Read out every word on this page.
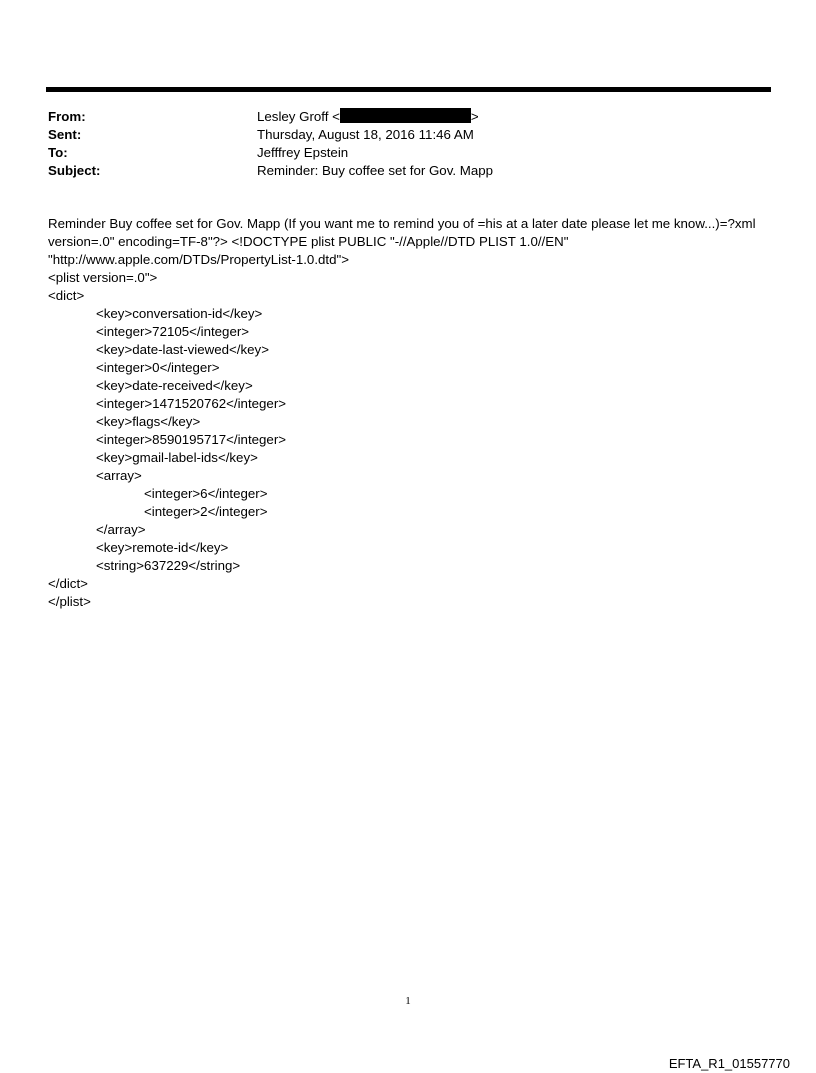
From:	Lesley Groff <	>
Sent:	Thursday, August 18, 2016 11:46 AM
To:	Jefffrey Epstein
Subject:	Reminder: Buy coffee set for Gov. Mapp
Reminder Buy coffee set for Gov. Mapp (If you want me to remind you of =his at a later date please let me know...)=?xml
version=.0" encoding=TF-8"?> <!DOCTYPE plist PUBLIC "-//Apple//DTD PLIST 1.0//EN"
"http://www.apple.com/DTDs/PropertyList-1.0.dtd">
<plist version=.0">
<dict>
<key>conversation-id</key>
<integer>72105</integer>
<key>date-last-viewed</key>
<integer>0</integer>
<key>date-received</key>
<integer>1471520762</integer>
<key>flags</key>
<integer>8590195717</integer>
<key>gmail-label-ids</key>
<array>
<integer>6</integer>
<integer>2</integer>
</array>
<key>remote-id</key>
<string>637229</string>
</dict>
</plist>
1
EFTA_R1_01557770
